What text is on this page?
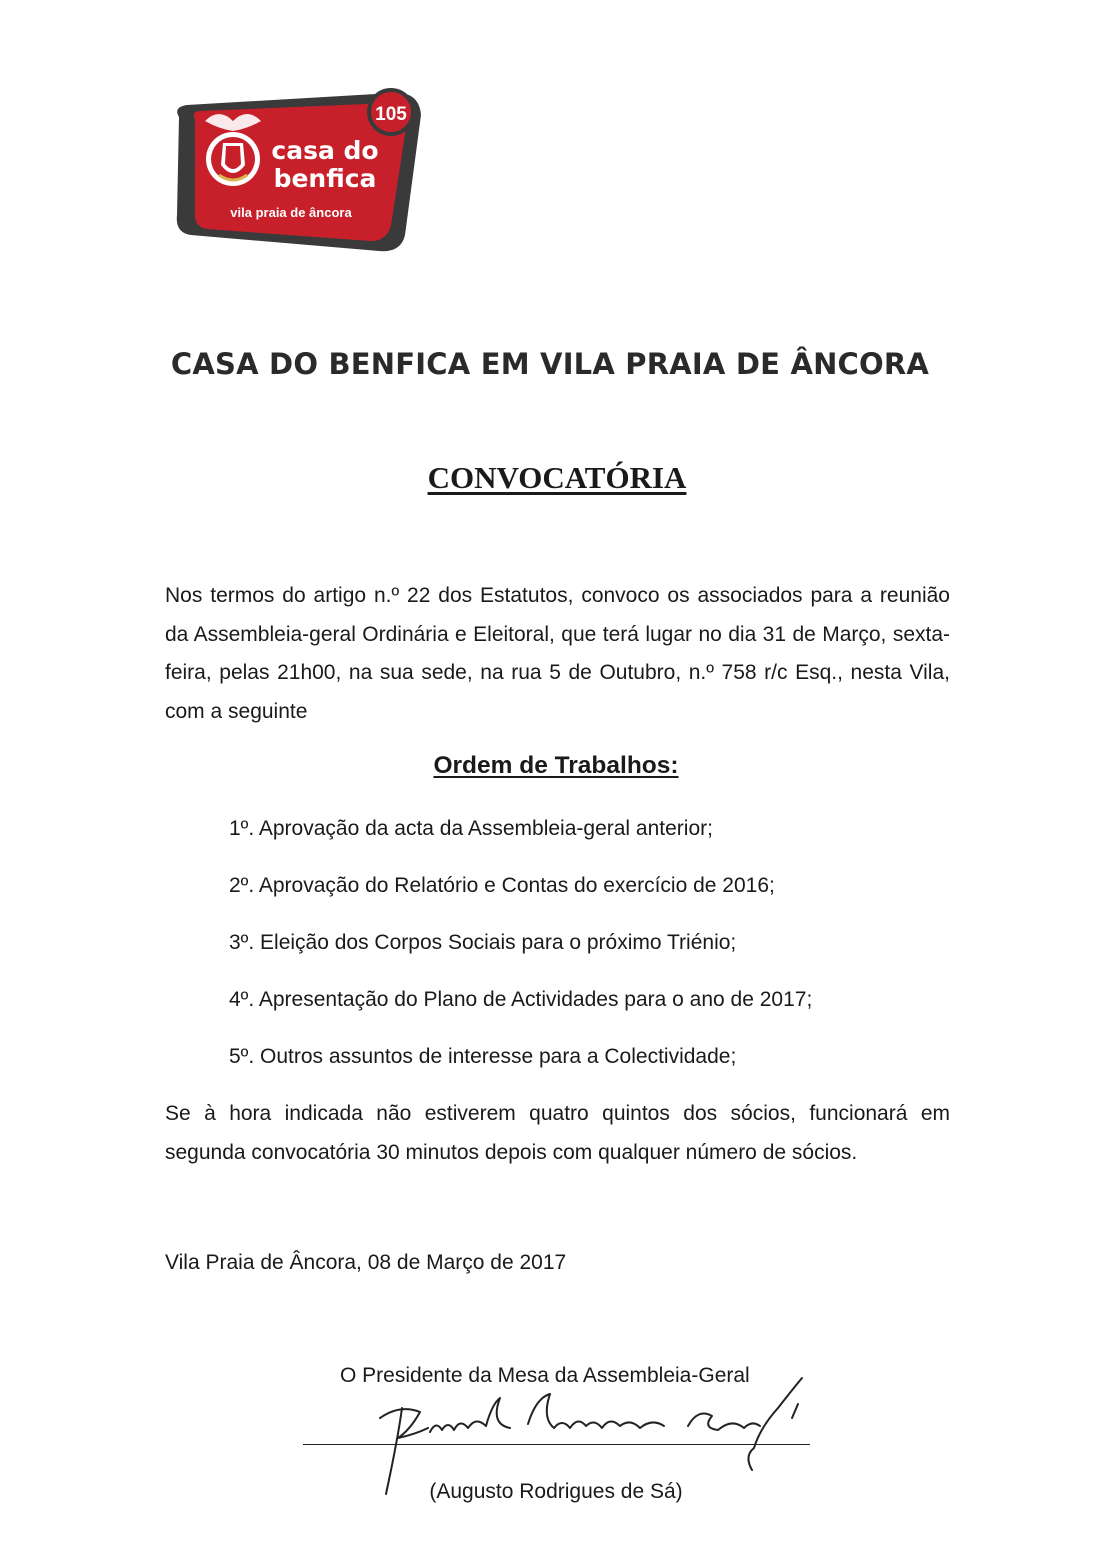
105
casa do
benfica
vila praia de âncora
CASA DO BENFICA EM VILA PRAIA DE ÂNCORA
CONVOCATÓRIA

Nos termos do artigo n.º 22 dos Estatutos, convoco os associados para a reunião da Assembleia-geral Ordinária e Eleitoral, que terá lugar no dia 31 de Março, sexta-feira, pelas 21h00, na sua sede, na rua 5 de Outubro, n.º 758 r/c Esq., nesta Vila, com a seguinte

Ordem de Trabalhos:
1º. Aprovação da acta da Assembleia-geral anterior;
2º. Aprovação do Relatório e Contas do exercício de 2016;
3º. Eleição dos Corpos Sociais para o próximo Triénio;
4º. Apresentação do Plano de Actividades para o ano de 2017;
5º. Outros assuntos de interesse para a Colectividade;

Se à hora indicada não estiverem quatro quintos dos sócios, funcionará em segunda convocatória 30 minutos depois com qualquer número de sócios.

Vila Praia de Âncora, 08 de Março de 2017

O Presidente da Mesa da Assembleia-Geral

(Augusto Rodrigues de Sá)
